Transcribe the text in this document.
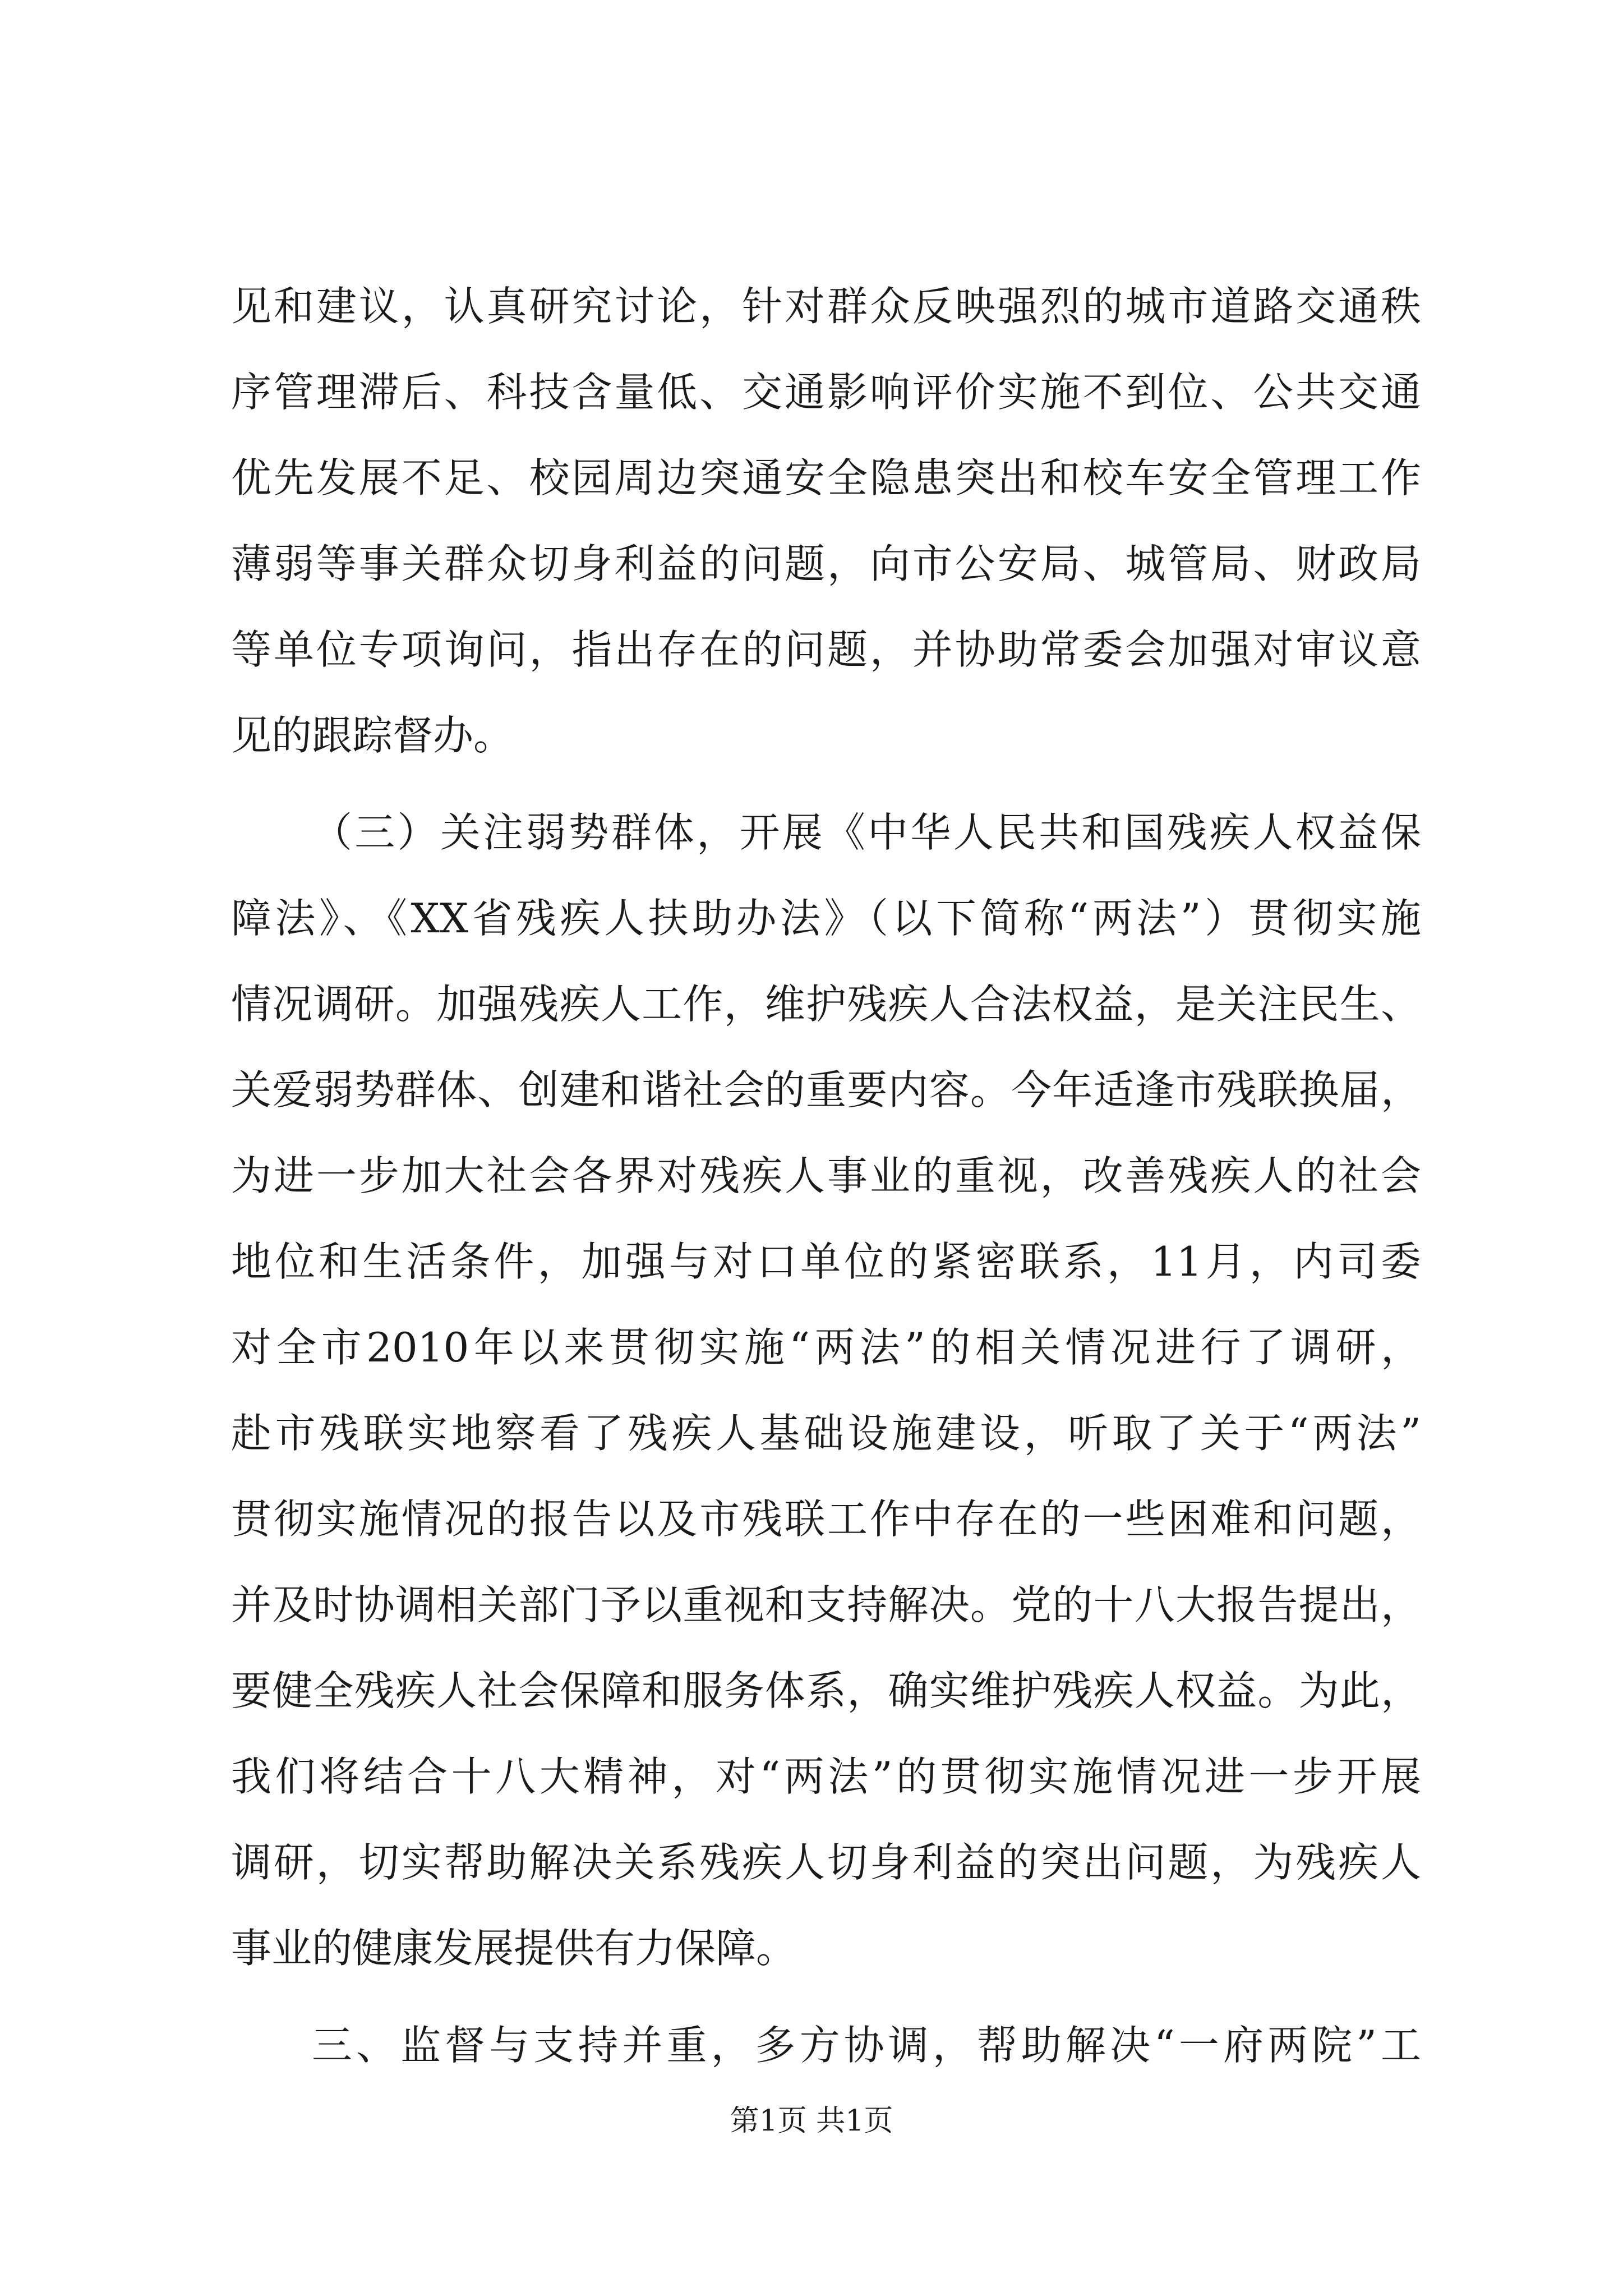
见和建议，认真研究讨论，针对群众反映强烈的城市道路交通秩
序管理滞后、科技含量低、交通影响评价实施不到位、公共交通
优先发展不足、校园周边突通安全隐患突出和校车安全管理工作
薄弱等事关群众切身利益的问题，向市公安局、城管局、财政局
等单位专项询问，指出存在的问题，并协助常委会加强对审议意
见的跟踪督办。
（三）关注弱势群体，开展《中华人民共和国残疾人权益保
障法》、《XX省残疾人扶助办法》（以下简称“两法”）贯彻实施
情况调研。加强残疾人工作，维护残疾人合法权益，是关注民生、
关爱弱势群体、创建和谐社会的重要内容。今年适逢市残联换届，
为进一步加大社会各界对残疾人事业的重视，改善残疾人的社会
地位和生活条件，加强与对口单位的紧密联系，11月，内司委
对全市2010年以来贯彻实施“两法”的相关情况进行了调研，
赴市残联实地察看了残疾人基础设施建设，听取了关于“两法”
贯彻实施情况的报告以及市残联工作中存在的一些困难和问题，
并及时协调相关部门予以重视和支持解决。党的十八大报告提出，
要健全残疾人社会保障和服务体系，确实维护残疾人权益。为此，
我们将结合十八大精神，对“两法”的贯彻实施情况进一步开展
调研，切实帮助解决关系残疾人切身利益的突出问题，为残疾人
事业的健康发展提供有力保障。
三、监督与支持并重，多方协调，帮助解决“一府两院”工
第1页 共1页
